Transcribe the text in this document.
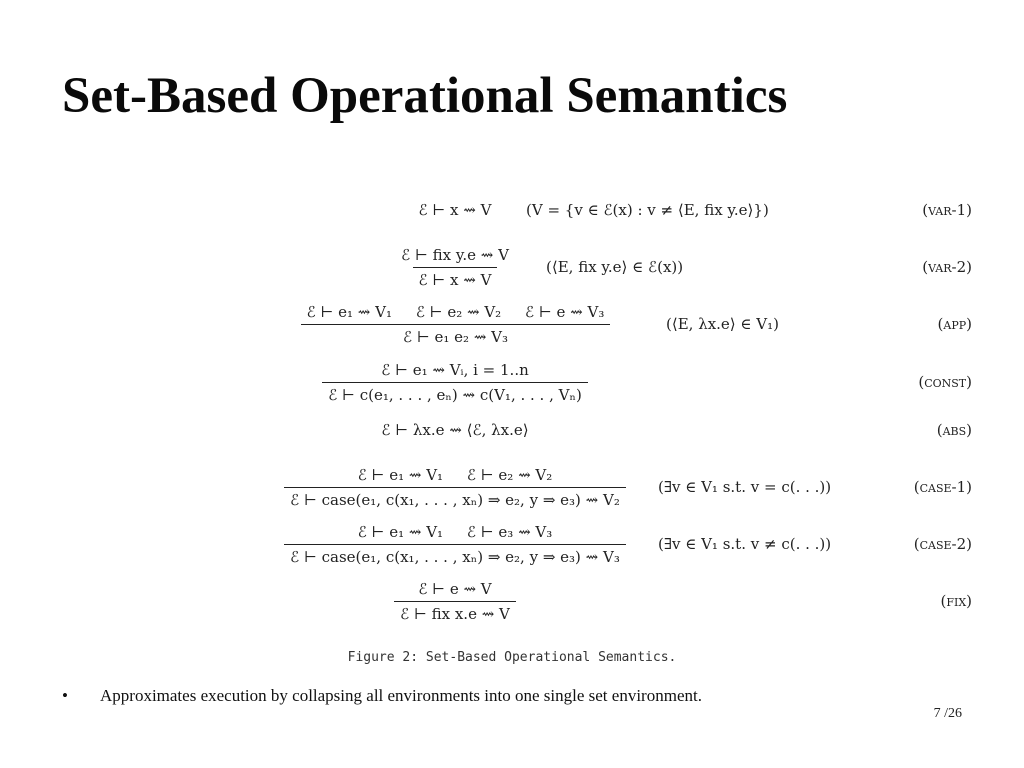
Set-Based Operational Semantics
ℰ ⊢ x ⇝ V (V = {v ∈ ℰ(x) : v ≠ ⟨E, fix y.e⟩})	(var-1)
$\frac{\text{ℰ ⊢ fix y.e ⇝ V}}{\text{ℰ ⊢ x ⇝ V}}$ (⟨E, fix y.e⟩ ∈ ℰ(x))	(var-2)
$\frac{\text{ℰ ⊢ e₁ ⇝ V₁     ℰ ⊢ e₂ ⇝ V₂     ℰ ⊢ e ⇝ V₃}}{\text{ℰ ⊢ e₁ e₂ ⇝ V₃}}$	(⟨E, λx.e⟩ ∈ V₁)	(app)
$\frac{\text{ℰ ⊢ e₁ ⇝ Vᵢ, i = 1..n}}{\text{ℰ ⊢ c(e₁, . . . , eₙ) ⇝ c(V₁, . . . , Vₙ)}}$	(const)
ℰ ⊢ λx.e ⇝ ⟨ℰ, λx.e⟩	(abs)
$\frac{\text{ℰ ⊢ e₁ ⇝ V₁     ℰ ⊢ e₂ ⇝ V₂}}{\text{ℰ ⊢ case(e₁, c(x₁, . . . , xₙ) ⇒ e₂, y ⇒ e₃) ⇝ V₂}}$ (∃v ∈ V₁ s.t. v = c(. . .))	(case-1)
$\frac{\text{ℰ ⊢ e₁ ⇝ V₁     ℰ ⊢ e₃ ⇝ V₃}}{\text{ℰ ⊢ case(e₁, c(x₁, . . . , xₙ) ⇒ e₂, y ⇒ e₃) ⇝ V₃}}$ (∃v ∈ V₁ s.t. v ≠ c(. . .))	(case-2)
$\frac{\text{ℰ ⊢ e ⇝ V}}{\text{ℰ ⊢ fix x.e ⇝ V}}$	(fix)
Figure 2: Set-Based Operational Semantics.
•	Approximates execution by collapsing all environments into one single set environment.
7 /26
